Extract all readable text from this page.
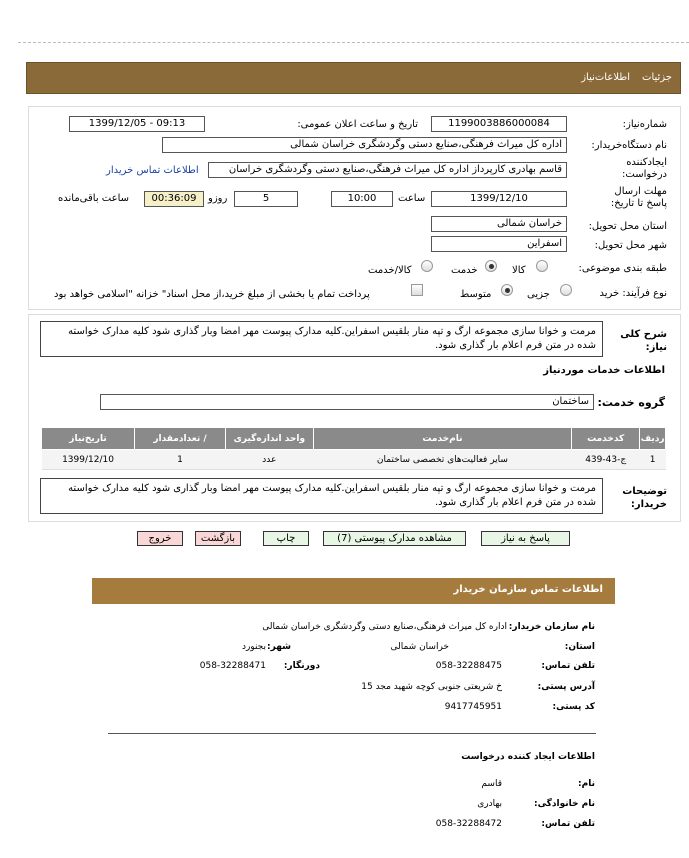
جزئیات
اطلاعات‌نیاز
شماره‌نیاز:
1199003886000084
تاریخ و ساعت اعلان عمومی:
1399/12/05 - 09:13
نام دستگاه‌خریدار:
اداره کل میراث فرهنگی،صنایع دستی وگردشگری خراسان شمالی
ایجادکننده درخواست:
قاسم بهادری کارپرداز اداره کل میراث فرهنگی،صنایع دستی وگردشگری خراسان
اطلاعات تماس خریدار
مهلت ارسال پاسخ تا تاریخ:
1399/12/10
ساعت
10:00
5
روزو
00:36:09
ساعت باقی‌مانده
استان محل تحویل:
خراسان شمالی
شهر محل تحویل:
اسفراین
طبقه بندی موضوعی:
کالا
خدمت
کالا/خدمت
نوع فرآیند: خرید
جزیی
متوسط
پرداخت تمام یا بخشی از مبلغ خرید،از محل اسناد" خزانه "اسلامی خواهد بود
شرح کلی نیاز:
مرمت و خوانا سازی مجموعه ارگ و تپه منار بلقیس اسفراین.کلیه مدارک پیوست مهر امضا وبار گذاری شود کلیه مدارک خواسته شده در متن فرم اعلام بار گذاری شود.
اطلاعات خدمات موردنیاز
گروه خدمت:
ساختمان
ردیف	کدخدمت	نام‌خدمت	واحد اندازه‌گیری	/ تعدادمقدار	تاریخ‌نیاز
1	ج-43-439	سایر فعالیت‌های تخصصی ساختمان	عدد	1	1399/12/10
توضیحات خریدار:
مرمت و خوانا سازی مجموعه ارگ و تپه منار بلقیس اسفراین.کلیه مدارک پیوست مهر امضا وبار گذاری شود کلیه مدارک خواسته شده در متن فرم اعلام بار گذاری شود.
پاسخ به نیاز
مشاهده مدارک پیوستی (7)
چاپ
بازگشت
خروج
اطلاعات تماس سازمان خریدار
نام سازمان خریدار:
اداره کل میراث فرهنگی،صنایع دستی وگردشگری خراسان شمالی
استان:
خراسان شمالی
شهر:
بجنورد
تلفن تماس:
058-32288475
دورنگار:
058-32288471
آدرس پستی:
خ شریعتی جنوبی کوچه شهید مجد 15
کد پستی:
9417745951
اطلاعات ایجاد کننده درخواست
نام:
قاسم
نام خانوادگی:
بهادری
تلفن تماس:
058-32288472
